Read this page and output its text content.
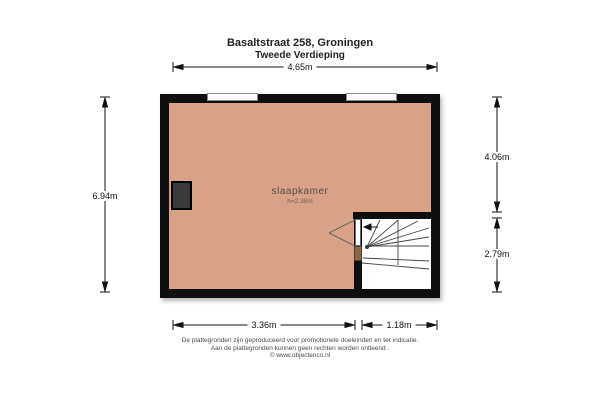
Basaltstraat 258, Groningen
Tweede Verdieping
slaapkamer
h=2.38m
4.65m
6.94m
4.06m
2.79m
3.36m	1.18m
De plattegronden zijn geproduceerd voor promotionele doeleinden en ter indicatie.
Aan de plattegronden kunnen geen rechten worden ontleend .
© www.objectenco.nl
